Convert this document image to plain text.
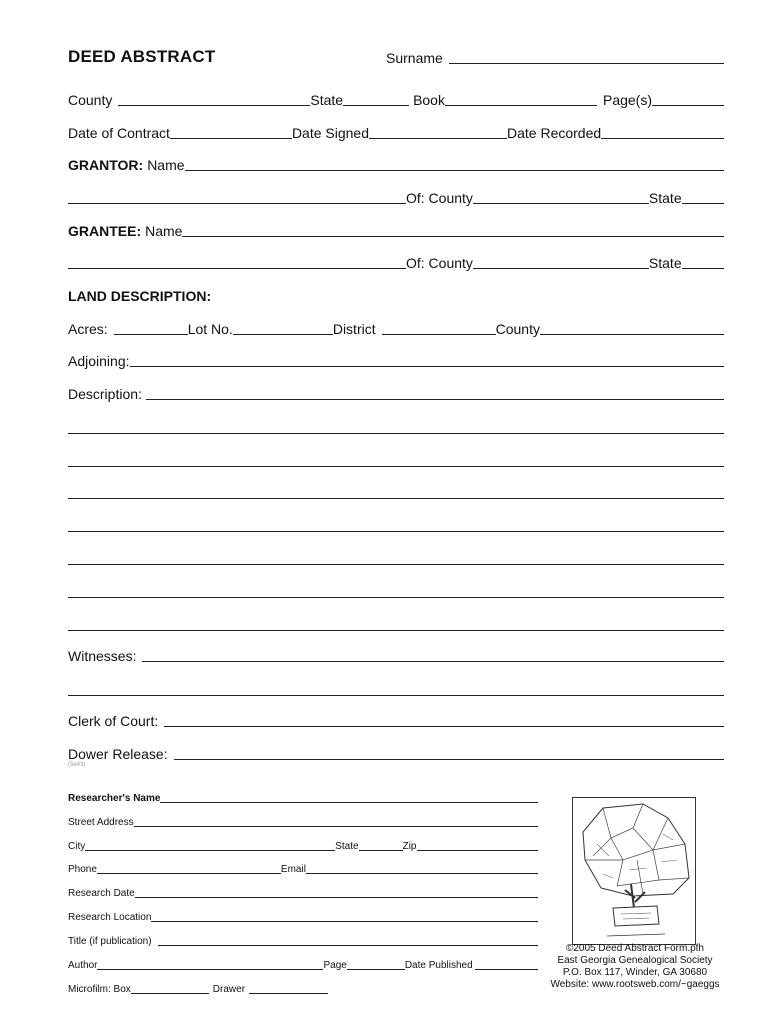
DEED ABSTRACT	Surname
County	State	Book	Page(s)
Date of Contract	Date Signed	Date Recorded
GRANTOR: Name
Of: County	State
GRANTEE: Name
Of: County	State
LAND DESCRIPTION:
Acres:	Lot No.	District	County
Adjoining:
Description:
Witnesses:
Clerk of Court:
Dower Release:
(5e43)
Researcher's Name
Street Address
City	State	Zip
Phone	Email
Research Date
Research Location
Title (if publication)
Author	Page	Date Published
Microfilm: Box	Drawer
©2005 Deed Abstract Form.pfh
East Georgia Genealogical Society
P.O. Box 117, Winder, GA 30680
Website: www.rootsweb.com/~gaeggs
